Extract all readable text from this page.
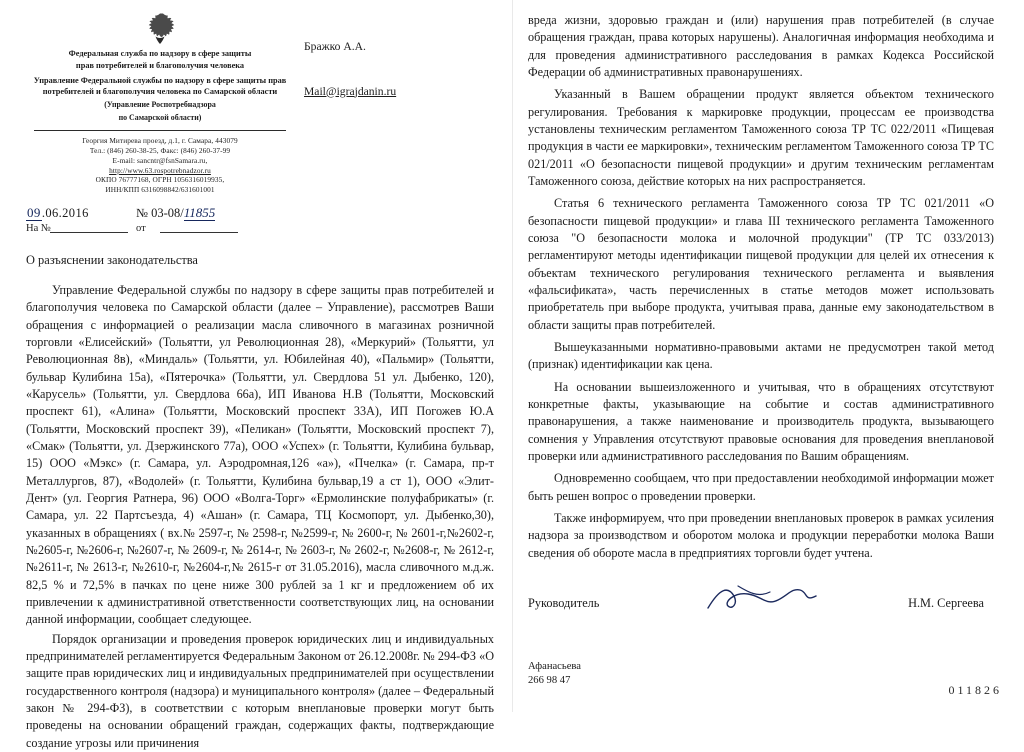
Федеральная служба по надзору в сфере защиты
прав потребителей и благополучия человека
Управление Федеральной службы по надзору в сфере защиты прав потребителей и благополучия человека по Самарской области
(Управление Роспотребнадзора
по Самарской области)
Георгия Митирева проезд, д.1, г. Самара, 443079
Тел.: (846) 260-38-25, Факс: (846) 260-37-99
E-mail: sancntr@fsnSamara.ru,
http://www.63.rospotrebnadzor.ru
ОКПО 76777168, ОГРН 1056316019935,
ИНН/КПП 6316098842/631601001
Бражко А.А.
Mail@igrajdanin.ru
09.06.2016	№ 03-08/11855
На №	от
О разъяснении законодательства

Управление Федеральной службы по надзору в сфере защиты прав потребителей и благополучия человека по Самарской области (далее – Управление), рассмотрев Ваши обращения с информацией о реализации масла сливочного в магазинах розничной торговли «Елисейский» (Тольятти, ул Революционная 28), «Меркурий» (Тольятти, ул Революционная 8в), «Миндаль» (Тольятти, ул. Юбилейная 40), «Пальмир» (Тольятти, бульвар Кулибина 15а), «Пятерочка» (Тольятти, ул. Свердлова 51 ул. Дыбенко, 120), «Карусель» (Тольятти, ул. Свердлова 66а), ИП Иванова Н.В (Тольятти, Московский проспект 61), «Алина» (Тольятти, Московский проспект 33А), ИП Погожев Ю.А (Тольятти, Московский проспект 39), «Пеликан» (Тольятти, Московский проспект 7), «Смак» (Тольятти, ул. Дзержинского 77а), ООО «Успех» (г. Тольятти, Кулибина бульвар, 15) ООО «Мэкс» (г. Самара, ул. Аэродромная,126 «а»), «Пчелка» (г. Самара, пр-т Металлургов, 87), «Водолей» (г. Тольятти, Кулибина бульвар,19 а ст 1), ООО «Элит-Дент» (ул. Георгия Ратнера, 96) ООО «Волга-Торг» «Ермолинские полуфабрикаты» (г. Самара, ул. 22 Партсъезда, 4) «Ашан» (г. Самара, ТЦ Космопорт, ул. Дыбенко,30), указанных в обращениях ( вх.№ 2597-г, № 2598-г, №2599-г, № 2600-г, № 2601-г,№2602-г, №2605-г, №2606-г, №2607-г, № 2609-г, № 2614-г, № 2603-г, № 2602-г, №2608-г, № 2612-г, №2611-г, № 2613-г, №2610-г, №2604-г,№ 2615-г от 31.05.2016), масла сливочного м.д.ж. 82,5 % и 72,5% в пачках по цене ниже 300 рублей за 1 кг и предложением об их привлечении к административной ответственности соответствующих лиц, на основании данной информации, сообщает следующее.

Порядок организации и проведения проверок юридических лиц и индивидуальных предпринимателей регламентируется Федеральным Законом от 26.12.2008г. № 294-ФЗ «О защите прав юридических лиц и индивидуальных предпринимателей при осуществлении государственного контроля (надзора) и муниципального контроля» (далее – Федеральный закон № 294-ФЗ), в соответствии с которым внеплановые проверки могут быть проведены на основании обращений граждан, содержащих факты, подтверждающие создание угрозы или причинения

вреда жизни, здоровью граждан и (или) нарушения прав потребителей (в случае обращения граждан, права которых нарушены). Аналогичная информация необходима и для проведения административного расследования в рамках Кодекса Российской Федерации об административных правонарушениях.

Указанный в Вашем обращении продукт является объектом технического регулирования. Требования к маркировке продукции, процессам ее производства установлены техническим регламентом Таможенного союза ТР ТС 022/2011 «Пищевая продукция в части ее маркировки», техническим регламентом Таможенного союза ТР ТС 021/2011 «О безопасности пищевой продукции» и другим техническим регламентам Таможенного союза, действие которых на них распространяется.

Статья 6 технического регламента Таможенного союза ТР ТС 021/2011 «О безопасности пищевой продукции» и глава III технического регламента Таможенного союза "О безопасности молока и молочной продукции" (ТР ТС 033/2013) регламентируют методы идентификации пищевой продукции для целей их отнесения к объектам технического регулирования технического регламента и выявления «фальсификата», часть перечисленных в статье методов может использовать приобретатель при выборе продукта, учитывая права, данные ему законодательством в области защиты прав потребителей.

Вышеуказанными нормативно-правовыми актами не предусмотрен такой метод (признак) идентификации как цена.

На основании вышеизложенного и учитывая, что в обращениях отсутствуют конкретные факты, указывающие на событие и состав административного правонарушения, а также наименование и производитель продукта, вызывающего сомнения у Управления отсутствуют правовые основания для проведения внеплановой проверки или административного расследования по Вашим обращениям.

Одновременно сообщаем, что при предоставлении необходимой информации может быть решен вопрос о проведении проверки.

Также информируем, что при проведении внеплановых проверок в рамках усиления надзора за производством и оборотом молока и продукции переработки молока Ваши сведения об обороте масла в предприятиях торговли будет учтена.

Руководитель	Н.М. Сергеева
Афанасьева
266 98 47
011826
